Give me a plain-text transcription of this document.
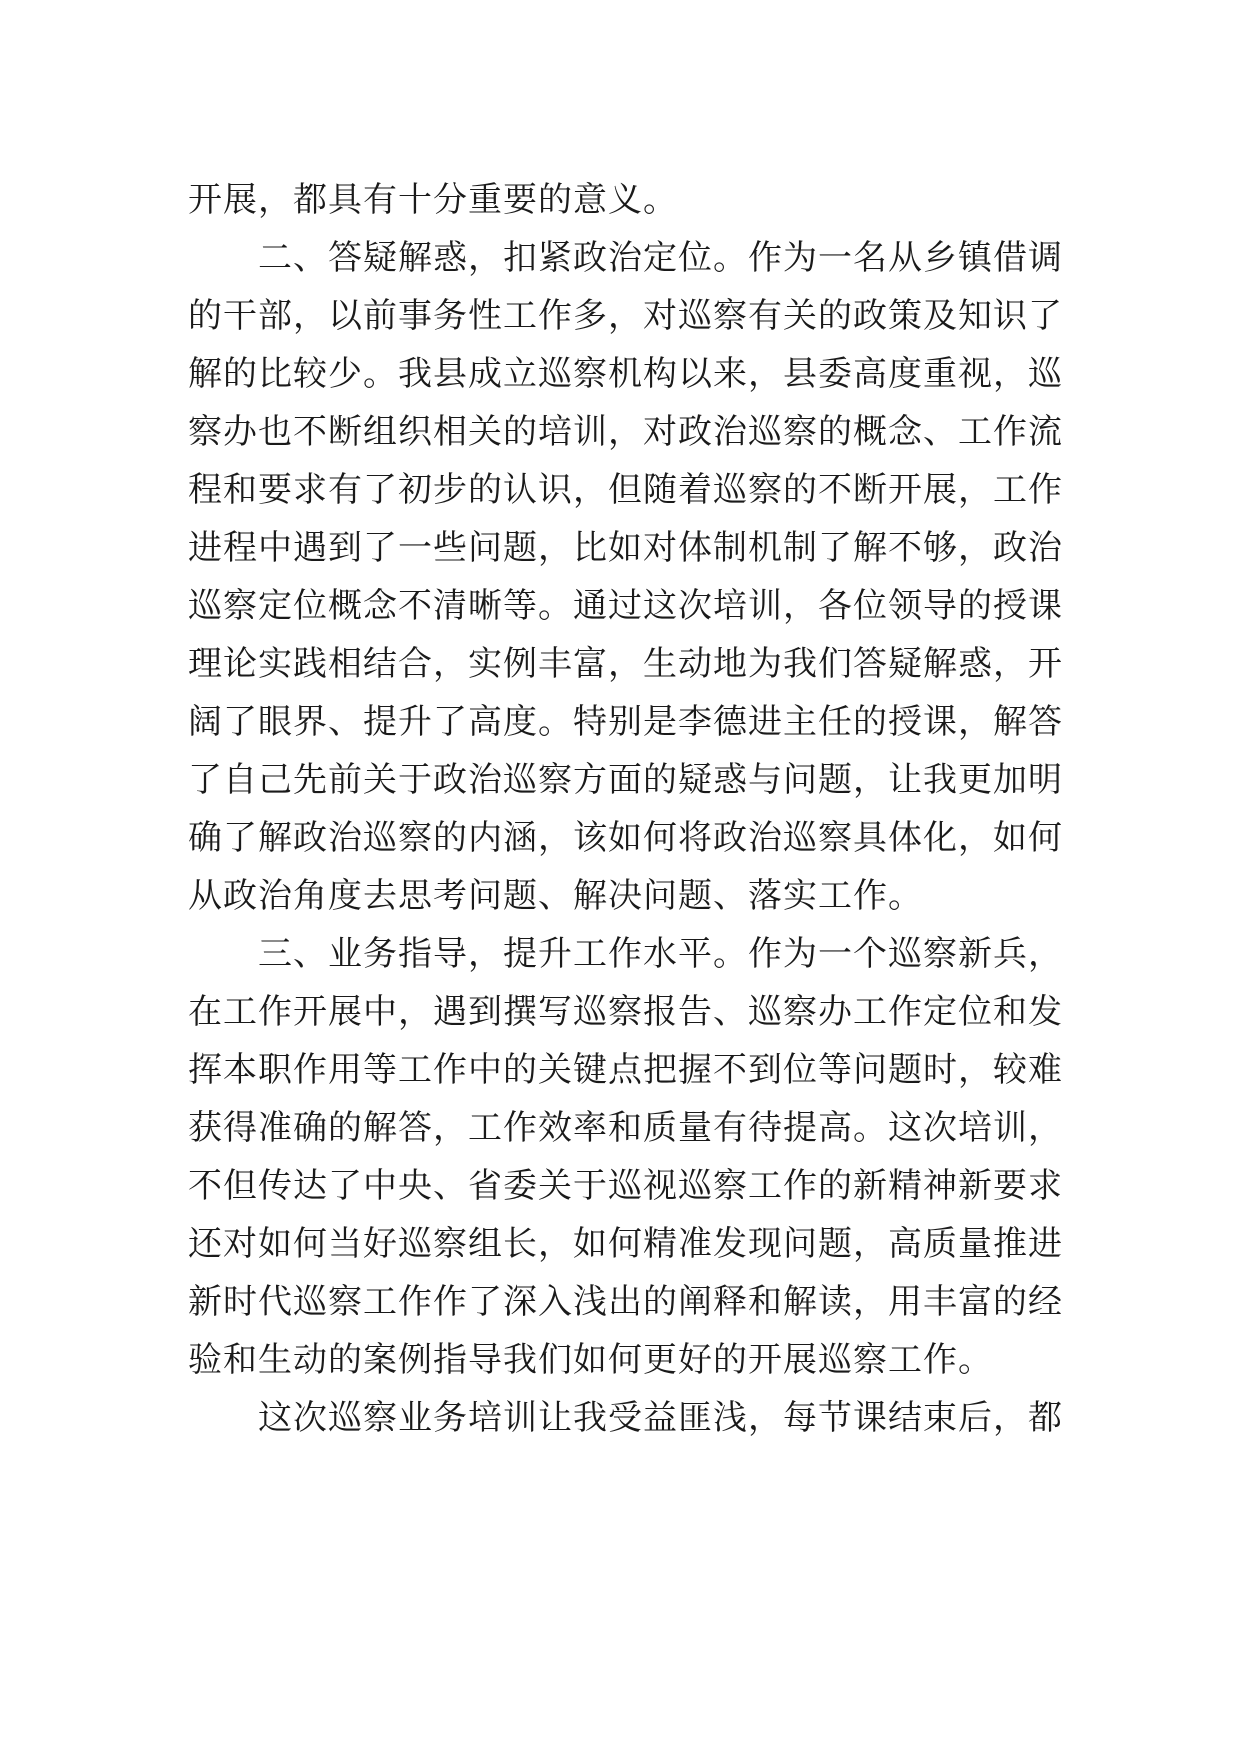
开展，都具有十分重要的意义。
二、答疑解惑，扣紧政治定位。作为一名从乡镇借调
的干部，以前事务性工作多，对巡察有关的政策及知识了
解的比较少。我县成立巡察机构以来，县委高度重视，巡
察办也不断组织相关的培训，对政治巡察的概念、工作流
程和要求有了初步的认识，但随着巡察的不断开展，工作
进程中遇到了一些问题，比如对体制机制了解不够，政治
巡察定位概念不清晰等。通过这次培训，各位领导的授课
理论实践相结合，实例丰富，生动地为我们答疑解惑，开
阔了眼界、提升了高度。特别是李德进主任的授课，解答
了自己先前关于政治巡察方面的疑惑与问题，让我更加明
确了解政治巡察的内涵，该如何将政治巡察具体化，如何
从政治角度去思考问题、解决问题、落实工作。
三、业务指导，提升工作水平。作为一个巡察新兵，
在工作开展中，遇到撰写巡察报告、巡察办工作定位和发
挥本职作用等工作中的关键点把握不到位等问题时，较难
获得准确的解答，工作效率和质量有待提高。这次培训，
不但传达了中央、省委关于巡视巡察工作的新精神新要求
还对如何当好巡察组长，如何精准发现问题，高质量推进
新时代巡察工作作了深入浅出的阐释和解读，用丰富的经
验和生动的案例指导我们如何更好的开展巡察工作。
这次巡察业务培训让我受益匪浅，每节课结束后，都
